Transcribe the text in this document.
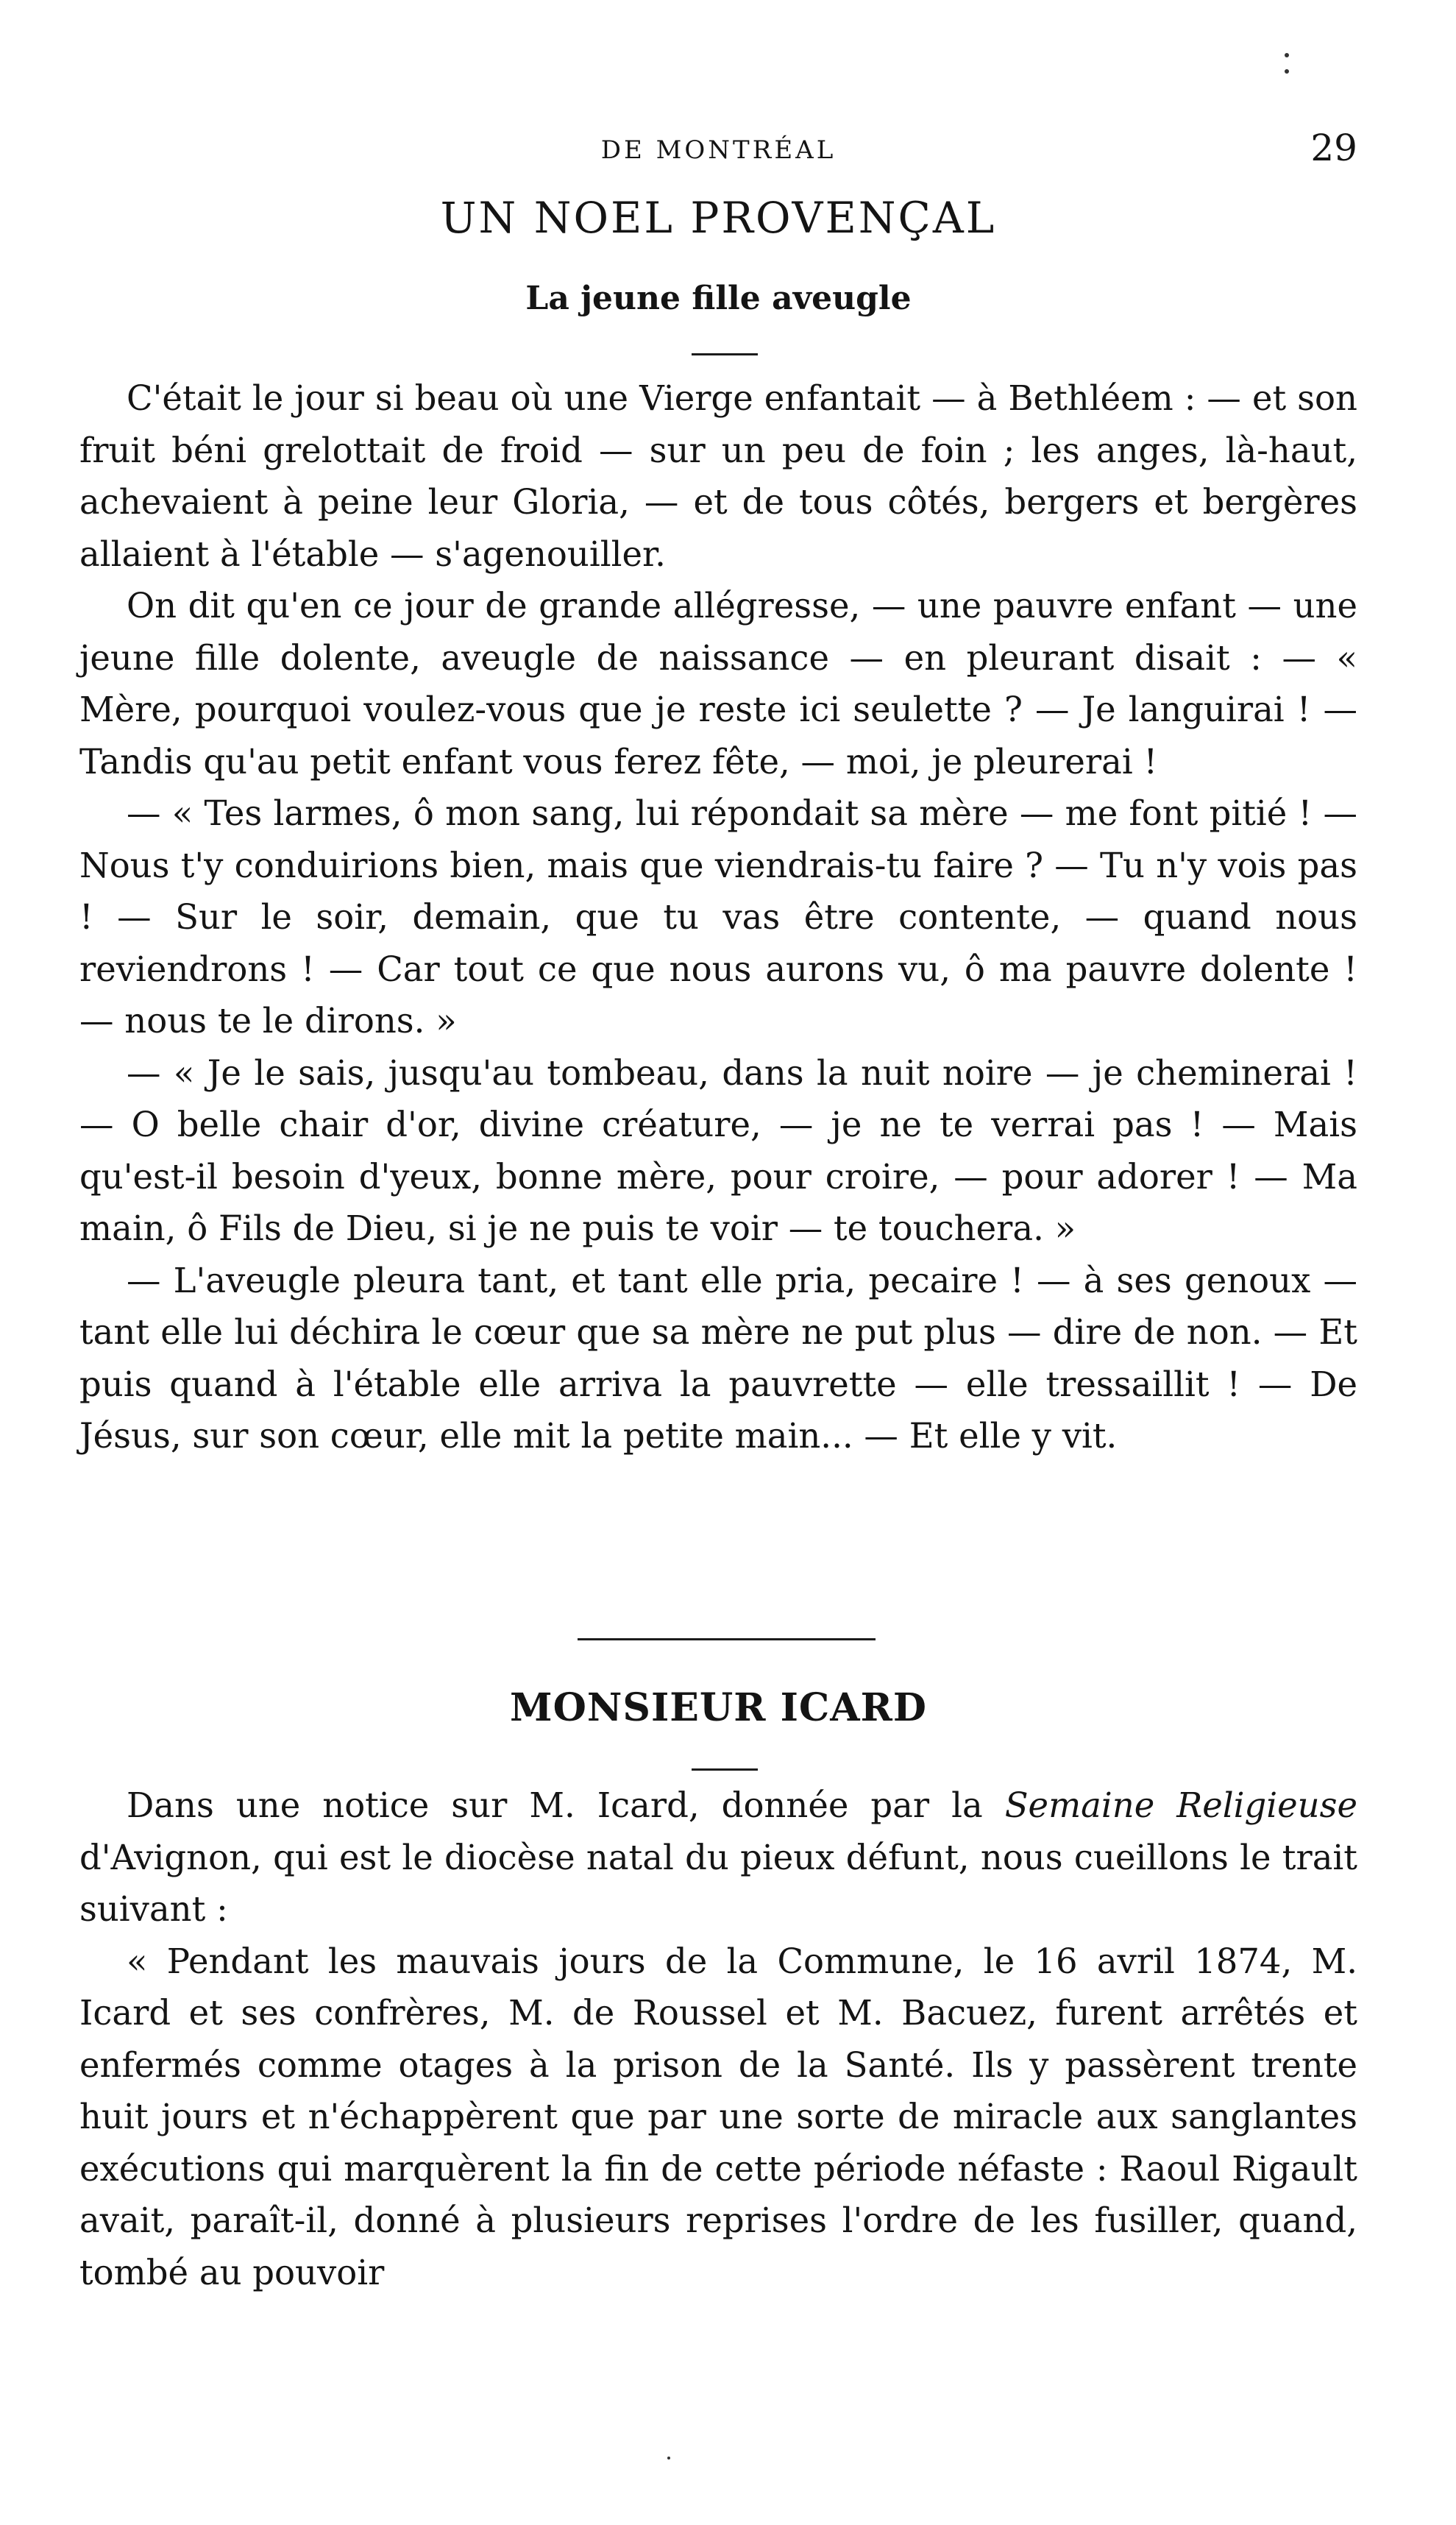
DE MONTRÉAL	29
UN NOEL PROVENÇAL
La jeune fille aveugle

C'était le jour si beau où une Vierge enfantait — à Bethléem : — et son fruit béni grelottait de froid — sur un peu de foin ; les anges, là-haut, achevaient à peine leur Gloria, — et de tous côtés, bergers et bergères allaient à l'étable — s'agenouiller.

On dit qu'en ce jour de grande allégresse, — une pauvre enfant — une jeune fille dolente, aveugle de naissance — en pleurant disait : — « Mère, pourquoi voulez-vous que je reste ici seulette ? — Je languirai ! — Tandis qu'au petit enfant vous ferez fête, — moi, je pleurerai !

— « Tes larmes, ô mon sang, lui répondait sa mère — me font pitié ! — Nous t'y conduirions bien, mais que viendrais-tu faire ? — Tu n'y vois pas ! — Sur le soir, demain, que tu vas être contente, — quand nous reviendrons ! — Car tout ce que nous aurons vu, ô ma pauvre dolente ! — nous te le dirons. »

— « Je le sais, jusqu'au tombeau, dans la nuit noire — je cheminerai ! — O belle chair d'or, divine créature, — je ne te verrai pas ! — Mais qu'est-il besoin d'yeux, bonne mère, pour croire, — pour adorer ! — Ma main, ô Fils de Dieu, si je ne puis te voir — te touchera. »

— L'aveugle pleura tant, et tant elle pria, pecaire ! — à ses genoux — tant elle lui déchira le cœur que sa mère ne put plus — dire de non. — Et puis quand à l'étable elle arriva la pauvrette — elle tressaillit ! — De Jésus, sur son cœur, elle mit la petite main... — Et elle y vit.

MONSIEUR ICARD

Dans une notice sur M. Icard, donnée par la Semaine Religieuse d'Avignon, qui est le diocèse natal du pieux défunt, nous cueillons le trait suivant :

« Pendant les mauvais jours de la Commune, le 16 avril 1874, M. Icard et ses confrères, M. de Roussel et M. Bacuez, furent arrêtés et enfermés comme otages à la prison de la Santé. Ils y passèrent trente huit jours et n'échappèrent que par une sorte de miracle aux sanglantes exécutions qui marquèrent la fin de cette période néfaste : Raoul Rigault avait, paraît-il, donné à plusieurs reprises l'ordre de les fusiller, quand, tombé au pouvoir
